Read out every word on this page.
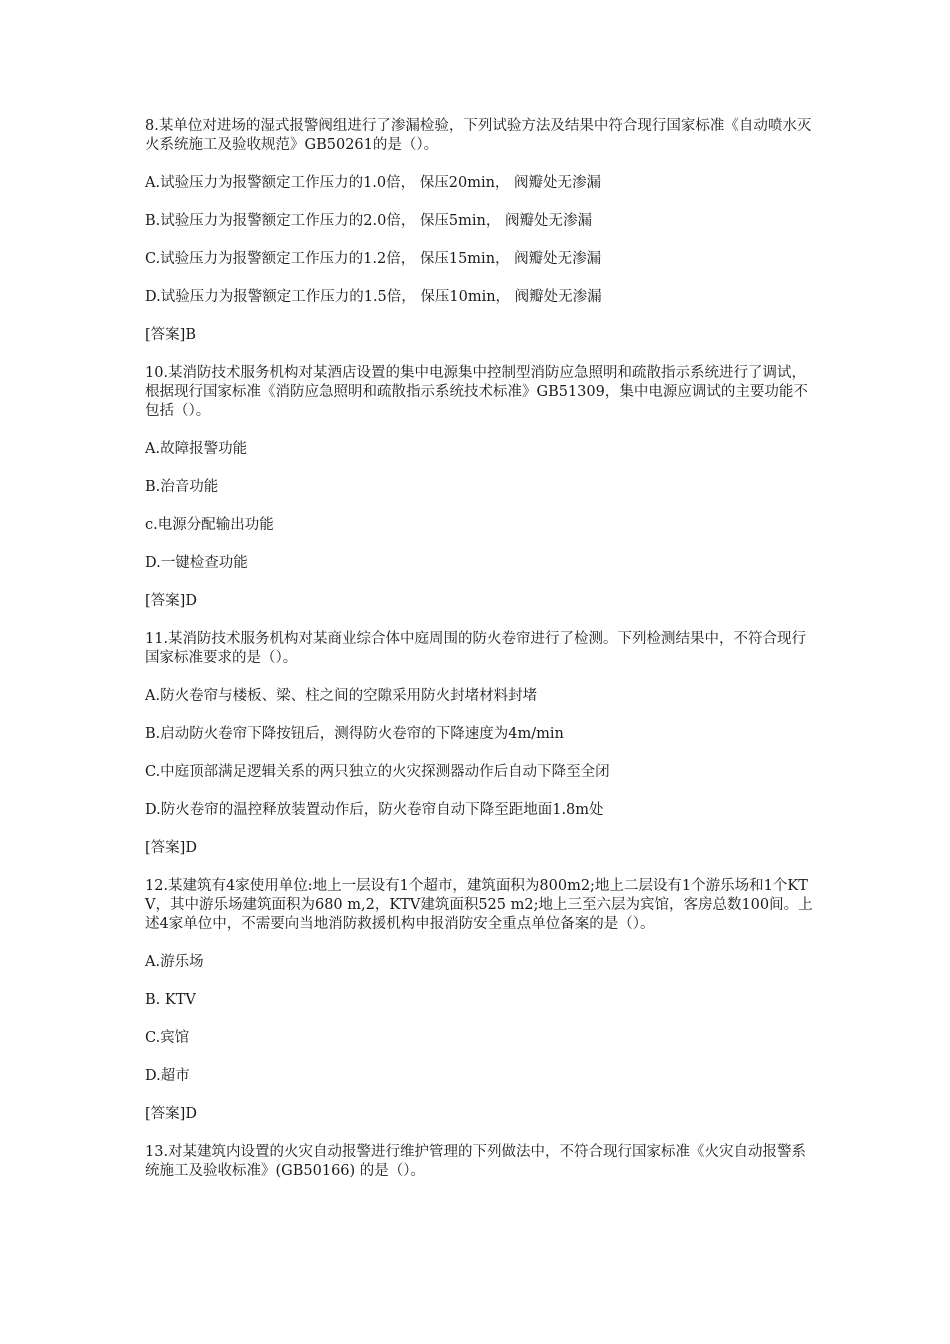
8.某单位对进场的湿式报警阀组进行了渗漏检验，下列试验方法及结果中符合现行国家标准《自动喷水灭火系统施工及验收规范》GB50261的是（）。
A.试验压力为报警额定工作压力的1.0倍， 保压20min， 阀瓣处无渗漏
B.试验压力为报警额定工作压力的2.0倍， 保压5min， 阀瓣处无渗漏
C.试验压力为报警额定工作压力的1.2倍， 保压15min， 阀瓣处无渗漏
D.试验压力为报警额定工作压力的1.5倍， 保压10min， 阀瓣处无渗漏
[答案]B
10.某消防技术服务机构对某酒店设置的集中电源集中控制型消防应急照明和疏散指示系统进行了调试，根据现行国家标准《消防应急照明和疏散指示系统技术标准》GB51309，集中电源应调试的主要功能不包括（）。
A.故障报警功能
B.治音功能
c.电源分配输出功能
D.一键检查功能
[答案]D
11.某消防技术服务机构对某商业综合体中庭周围的防火卷帘进行了检测。下列检测结果中，不符合现行国家标准要求的是（）。
A.防火卷帘与楼板、梁、柱之间的空隙采用防火封堵材料封堵
B.启动防火卷帘下降按钮后，测得防火卷帘的下降速度为4m/min
C.中庭顶部满足逻辑关系的两只独立的火灾探测器动作后自动下降至全闭
D.防火卷帘的温控释放装置动作后，防火卷帘自动下降至距地面1.8m处
[答案]D
12.某建筑有4家使用单位:地上一层设有1个超市，建筑面积为800m2;地上二层设有1个游乐场和1个KTV，其中游乐场建筑面积为680 m,2，KTV建筑面积525 m2;地上三至六层为宾馆，客房总数100间。上述4家单位中，不需要向当地消防救援机构申报消防安全重点单位备案的是（）。
A.游乐场
B. KTV
C.宾馆
D.超市
[答案]D
13.对某建筑内设置的火灾自动报警进行维护管理的下列做法中，不符合现行国家标准《火灾自动报警系统施工及验收标准》(GB50166) 的是（）。
